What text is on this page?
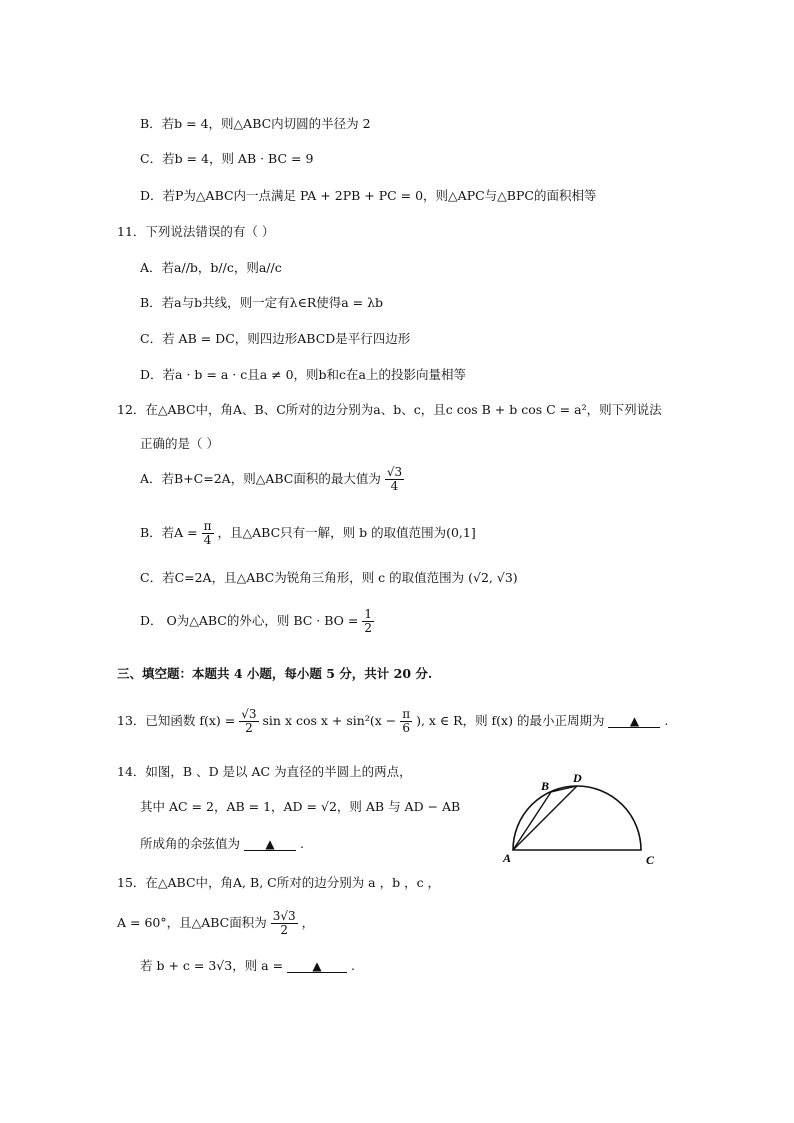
B．若b = 4，则△ABC内切圆的半径为 2
C．若b = 4，则 AB · BC = 9
D．若P为△ABC内一点满足 PA + 2PB + PC = 0，则△APC与△BPC的面积相等
11．下列说法错误的有（ ）
A．若a//b，b//c，则a//c
B．若a与b共线，则一定有λ∈R使得a = λb
C．若 AB = DC，则四边形ABCD是平行四边形
D．若a · b = a · c且a ≠ 0，则b和c在a上的投影向量相等
12．在△ABC中，角A、B、C所对的边分别为a、b、c，且c cos B + b cos C = a²，则下列说法
正确的是（ ）
A．若B+C=2A，则△ABC面积的最大值为 $\frac{√3}{4}$
B．若$A = \frac{\pi}{4}$ ，且△ABC只有一解，则 b 的取值范围为(0,1]
C．若C=2A，且△ABC为锐角三角形，则 c 的取值范围为 (√2, √3)
D． O为△ABC的外心，则 BC · BO = $\frac{1}{2}$
三、填空题：本题共 4 小题，每小题 5 分，共计 20 分.
13．已知函数 $f(x) = \frac{√3}{2}$ sin x $\cos x + \sin^2(x - \frac{\pi}{6}$ ), x ∈ R，则 f(x) 的最小正周期为 ▲ .
14．如图，B 、D 是以 AC 为直径的半圆上的两点，
其中 AC = 2，AB = 1，AD = √2，则 AB 与 AD − AB
所成角的余弦值为 ▲ .
A
B
D
C
15．在△ABC中，角A, B, C所对的边分别为 a ，b ，c ，
A = 60°，且△ABC面积为 $\frac{3√3}{2}$ ，
若 b + c = 3√3，则 a = ▲ .
